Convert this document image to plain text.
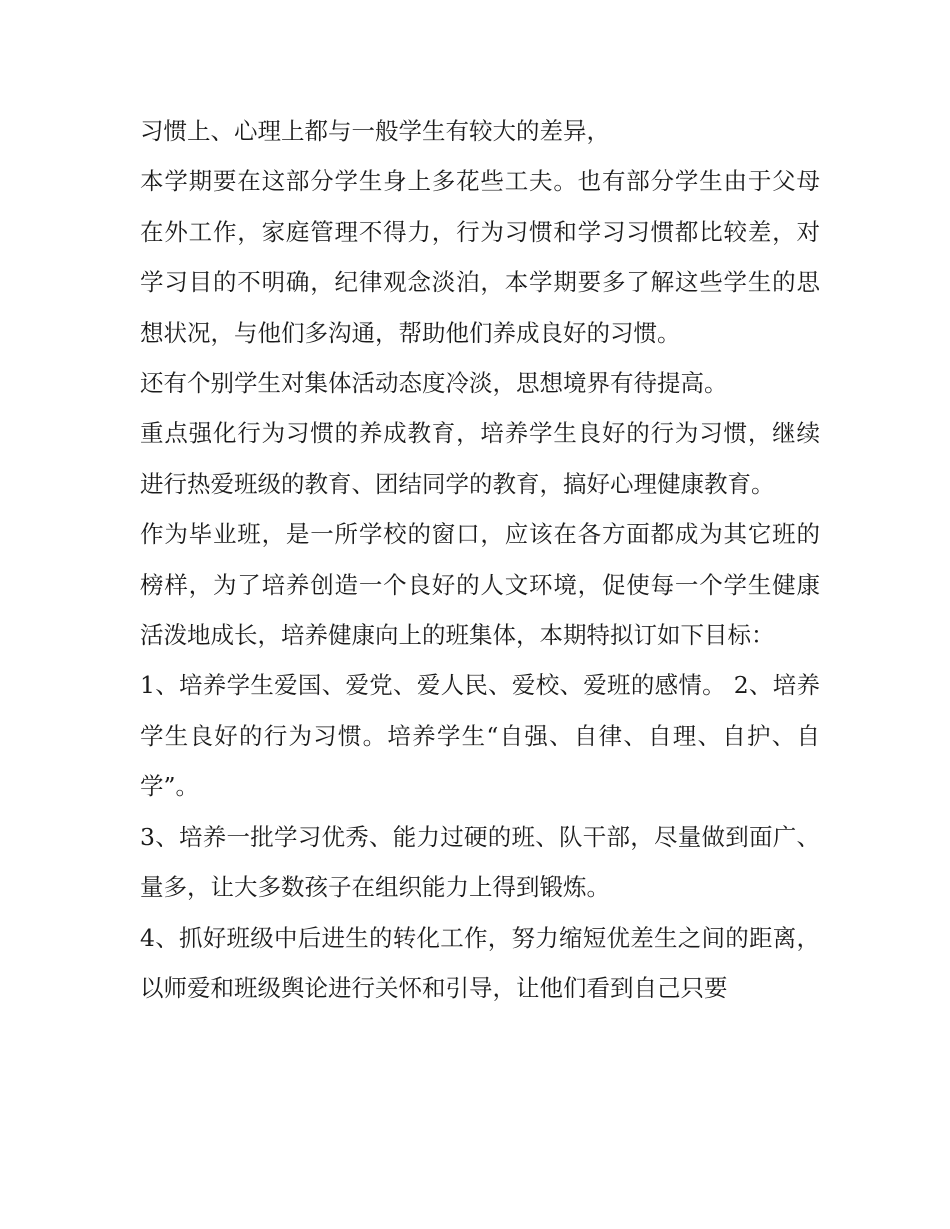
习惯上、心理上都与一般学生有较大的差异，

本学期要在这部分学生身上多花些工夫。也有部分学生由于父母在外工作，家庭管理不得力，行为习惯和学习习惯都比较差，对学习目的不明确，纪律观念淡泊，本学期要多了解这些学生的思想状况，与他们多沟通，帮助他们养成良好的习惯。

还有个别学生对集体活动态度冷淡，思想境界有待提高。

重点强化行为习惯的养成教育，培养学生良好的行为习惯，继续进行热爱班级的教育、团结同学的教育，搞好心理健康教育。

作为毕业班，是一所学校的窗口，应该在各方面都成为其它班的榜样，为了培养创造一个良好的人文环境，促使每一个学生健康活泼地成长，培养健康向上的班集体，本期特拟订如下目标：

1、培养学生爱国、爱党、爱人民、爱校、爱班的感情。 2、培养学生良好的行为习惯。培养学生“自强、自律、自理、自护、自学”。

3、培养一批学习优秀、能力过硬的班、队干部，尽量做到面广、量多，让大多数孩子在组织能力上得到锻炼。

4、抓好班级中后进生的转化工作，努力缩短优差生之间的距离，以师爱和班级舆论进行关怀和引导，让他们看到自己只要
